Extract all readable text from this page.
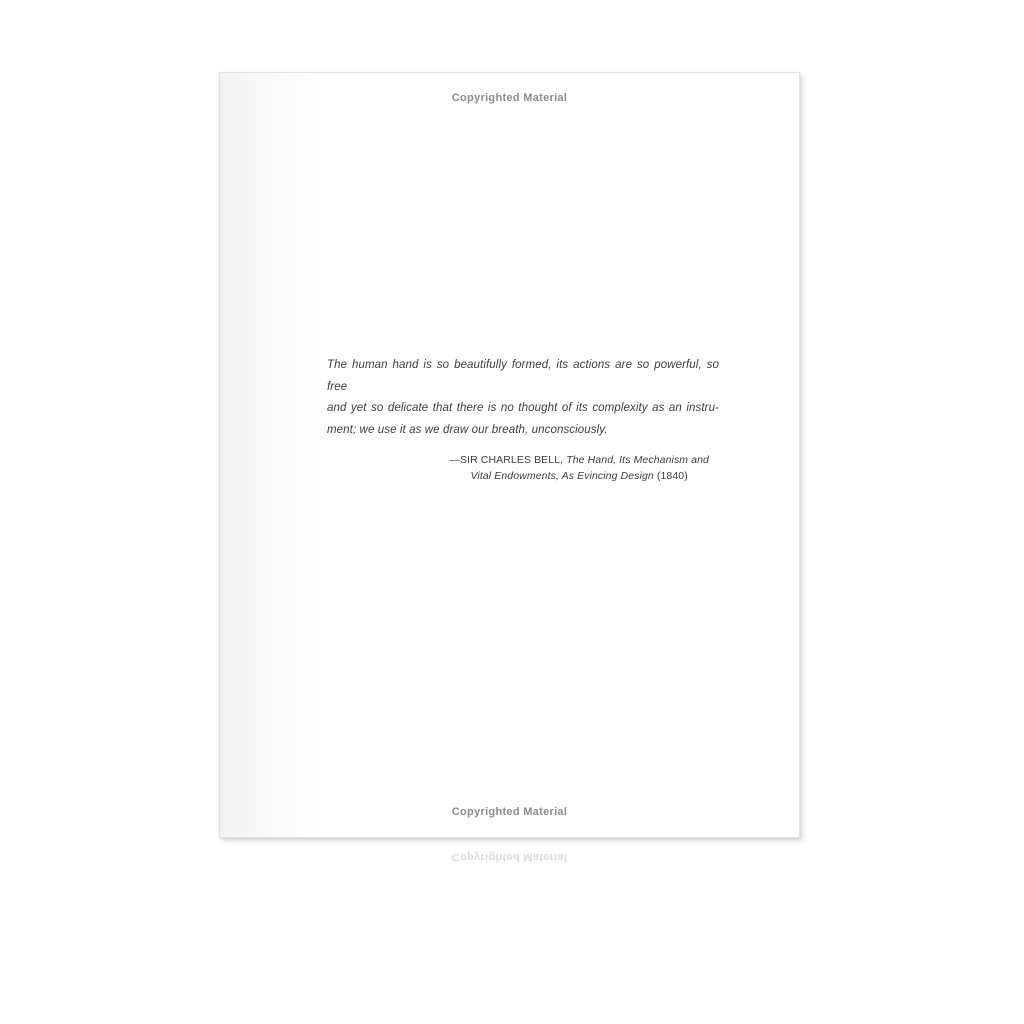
Copyrighted Material
The human hand is so beautifully formed, its actions are so powerful, so free
and yet so delicate that there is no thought of its complexity as an instru-
ment; we use it as we draw our breath, unconsciously.
—SIR CHARLES BELL, The Hand, Its Mechanism and
Vital Endowments, As Evincing Design (1840)
Copyrighted Material
Copyrighted Material
